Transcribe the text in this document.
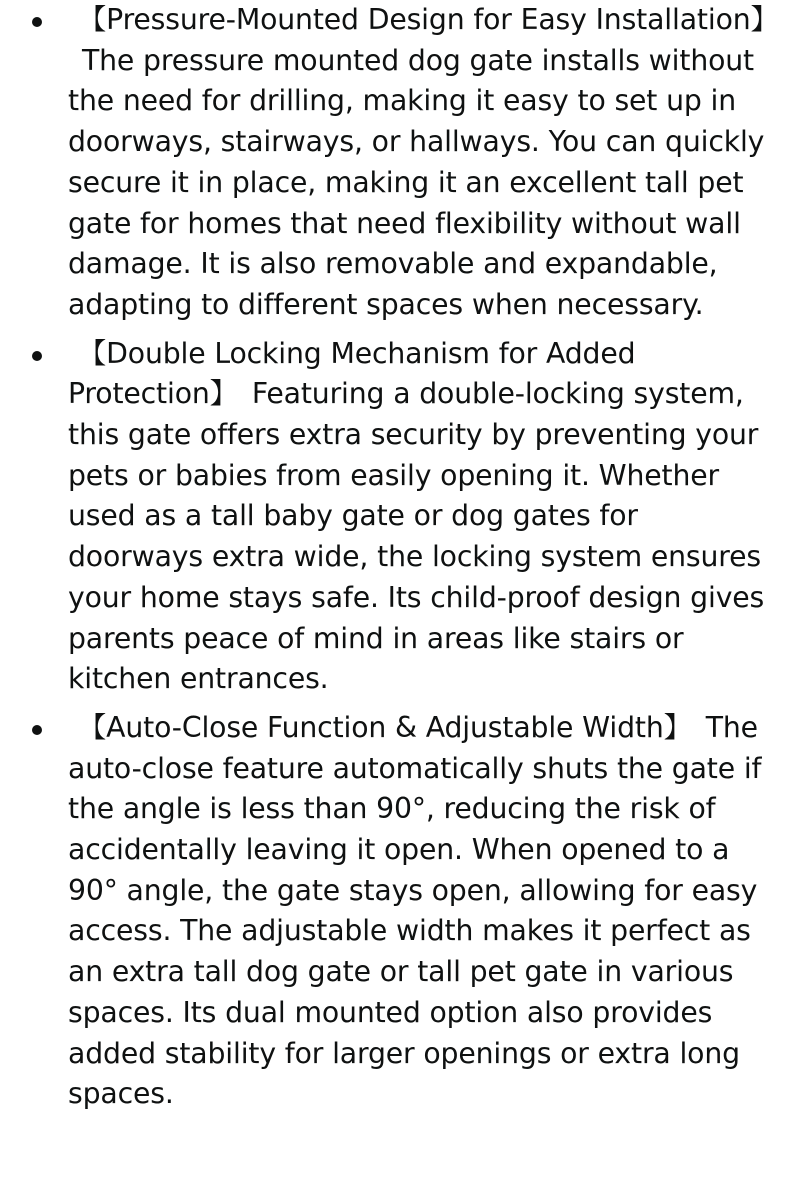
【Pressure-Mounted Design for Easy Installation】The pressure mounted dog gate installs without the need for drilling, making it easy to set up in doorways, stairways, or hallways. You can quickly secure it in place, making it an excellent tall pet gate for homes that need flexibility without wall damage. It is also removable and expandable, adapting to different spaces when necessary.
【Double Locking Mechanism for Added Protection】 Featuring a double-locking system, this gate offers extra security by preventing your pets or babies from easily opening it. Whether used as a tall baby gate or dog gates for doorways extra wide, the locking system ensures your home stays safe. Its child-proof design gives parents peace of mind in areas like stairs or kitchen entrances.
【Auto-Close Function & Adjustable Width】 The auto-close feature automatically shuts the gate if the angle is less than 90°, reducing the risk of accidentally leaving it open. When opened to a 90° angle, the gate stays open, allowing for easy access. The adjustable width makes it perfect as an extra tall dog gate or tall pet gate in various spaces. Its dual mounted option also provides added stability for larger openings or extra long spaces.
